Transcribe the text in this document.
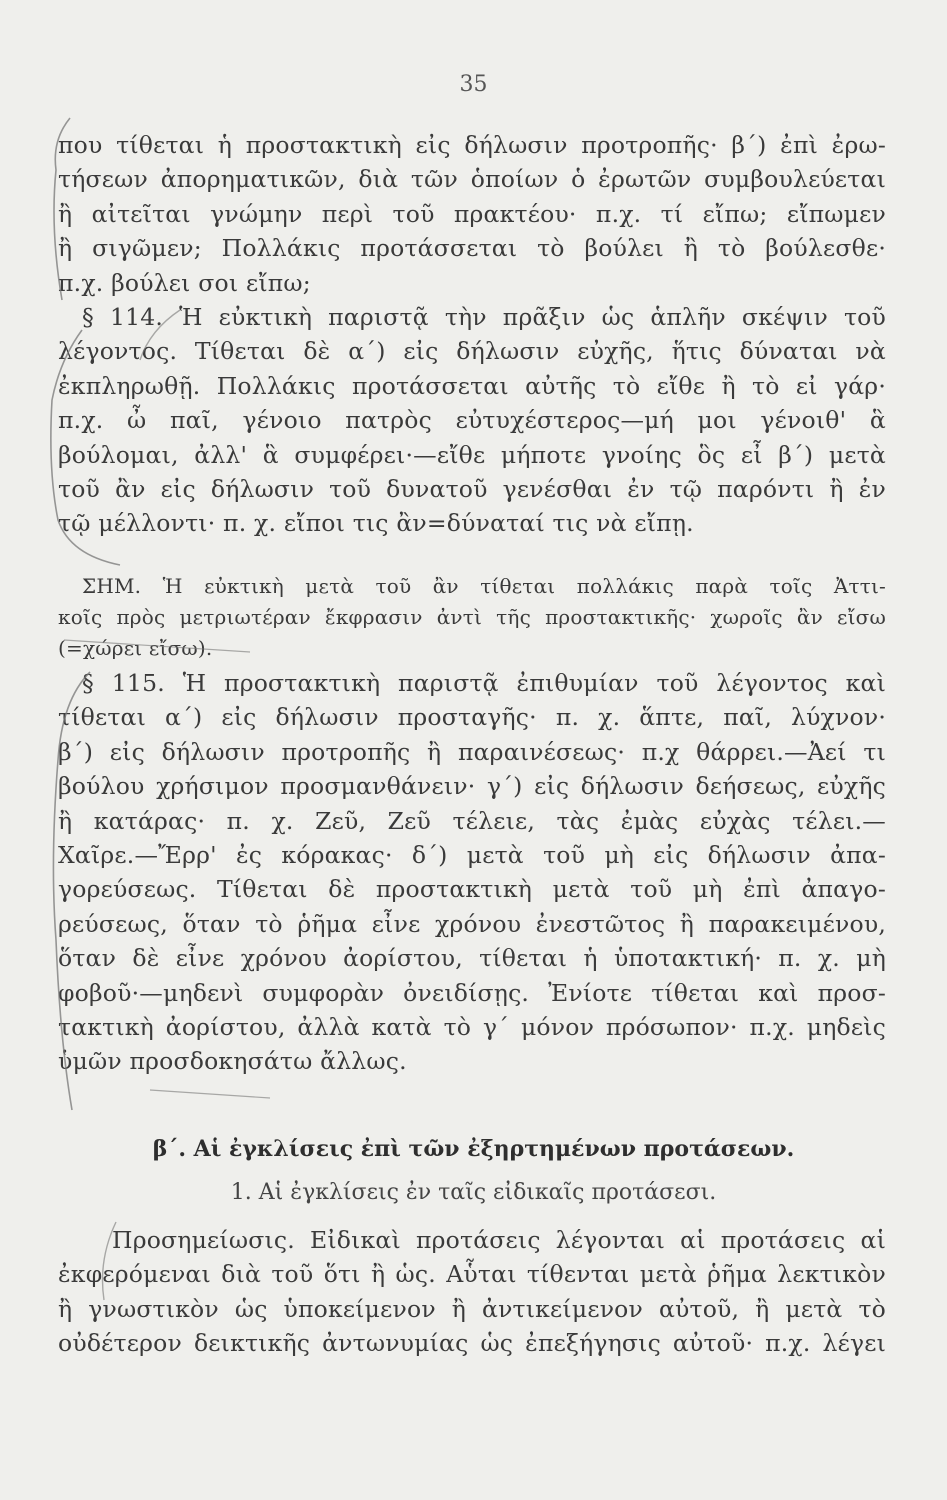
35
που τίθεται ἡ προστακτικὴ εἰς δήλωσιν προτροπῆς· β΄) ἐπὶ ἐρω-
τήσεων ἀπορηματικῶν, διὰ τῶν ὁποίων ὁ ἐρωτῶν συμβουλεύεται
ἢ αἰτεῖται γνώμην περὶ τοῦ πρακτέου· π.χ. τί εἴπω; εἴπωμεν
ἢ σιγῶμεν; Πολλάκις προτάσσεται τὸ βούλει ἢ τὸ βούλεσθε·
π.χ. βούλει σοι εἴπω;
§ 114. Ἡ εὐκτικὴ παριστᾷ τὴν πρᾶξιν ὡς ἁπλῆν σκέψιν τοῦ
λέγοντος. Τίθεται δὲ α΄) εἰς δήλωσιν εὐχῆς, ἥτις δύναται νὰ
ἐκπληρωθῇ. Πολλάκις προτάσσεται αὐτῆς τὸ εἴθε ἢ τὸ εἰ γάρ·
π.χ. ὦ παῖ, γένοιο πατρὸς εὐτυχέστερος—μή μοι γένοιθ' ἃ
βούλομαι, ἀλλ' ἃ συμφέρει·—εἴθε μήποτε γνοίης ὃς εἶ β΄) μετὰ
τοῦ ἂν εἰς δήλωσιν τοῦ δυνατοῦ γενέσθαι ἐν τῷ παρόντι ἢ ἐν
τῷ μέλλοντι· π. χ. εἴποι τις ἂν=δύναταί τις νὰ εἴπῃ.
ΣΗΜ. Ἡ εὐκτικὴ μετὰ τοῦ ἂν τίθεται πολλάκις παρὰ τοῖς Ἀττι-
κοῖς πρὸς μετριωτέραν ἔκφρασιν ἀντὶ τῆς προστακτικῆς· χωροῖς ἂν εἴσω
(=χώρει εἴσω).
§ 115. Ἡ προστακτικὴ παριστᾷ ἐπιθυμίαν τοῦ λέγοντος καὶ
τίθεται α΄) εἰς δήλωσιν προσταγῆς· π. χ. ἅπτε, παῖ, λύχνον·
β΄) εἰς δήλωσιν προτροπῆς ἢ παραινέσεως· π.χ θάρρει.—Ἀεί τι
βούλου χρήσιμον προσμανθάνειν· γ΄) εἰς δήλωσιν δεήσεως, εὐχῆς
ἢ κατάρας· π. χ. Ζεῦ, Ζεῦ τέλειε, τὰς ἐμὰς εὐχὰς τέλει.—
Χαῖρε.—Ἔρρ' ἐς κόρακας· δ΄) μετὰ τοῦ μὴ εἰς δήλωσιν ἀπα-
γορεύσεως. Τίθεται δὲ προστακτικὴ μετὰ τοῦ μὴ ἐπὶ ἀπαγο-
ρεύσεως, ὅταν τὸ ῥῆμα εἶνε χρόνου ἐνεστῶτος ἢ παρακειμένου,
ὅταν δὲ εἶνε χρόνου ἀορίστου, τίθεται ἡ ὑποτακτική· π. χ. μὴ
φοβοῦ·—μηδενὶ συμφορὰν ὀνειδίσῃς. Ἐνίοτε τίθεται καὶ προσ-
τακτικὴ ἀορίστου, ἀλλὰ κατὰ τὸ γ΄ μόνον πρόσωπον· π.χ. μηδεὶς
ὑμῶν προσδοκησάτω ἄλλως.
β΄. Αἱ ἐγκλίσεις ἐπὶ τῶν ἐξηρτημένων προτάσεων.
1. Αἱ ἐγκλίσεις ἐν ταῖς εἰδικαῖς προτάσεσι.
Προσημείωσις. Εἰδικαὶ προτάσεις λέγονται αἱ προτάσεις αἱ
ἐκφερόμεναι διὰ τοῦ ὅτι ἢ ὡς. Αὗται τίθενται μετὰ ῥῆμα λεκτικὸν
ἢ γνωστικὸν ὡς ὑποκείμενον ἢ ἀντικείμενον αὐτοῦ, ἢ μετὰ τὸ
οὐδέτερον δεικτικῆς ἀντωνυμίας ὡς ἐπεξήγησις αὐτοῦ· π.χ. λέγει
